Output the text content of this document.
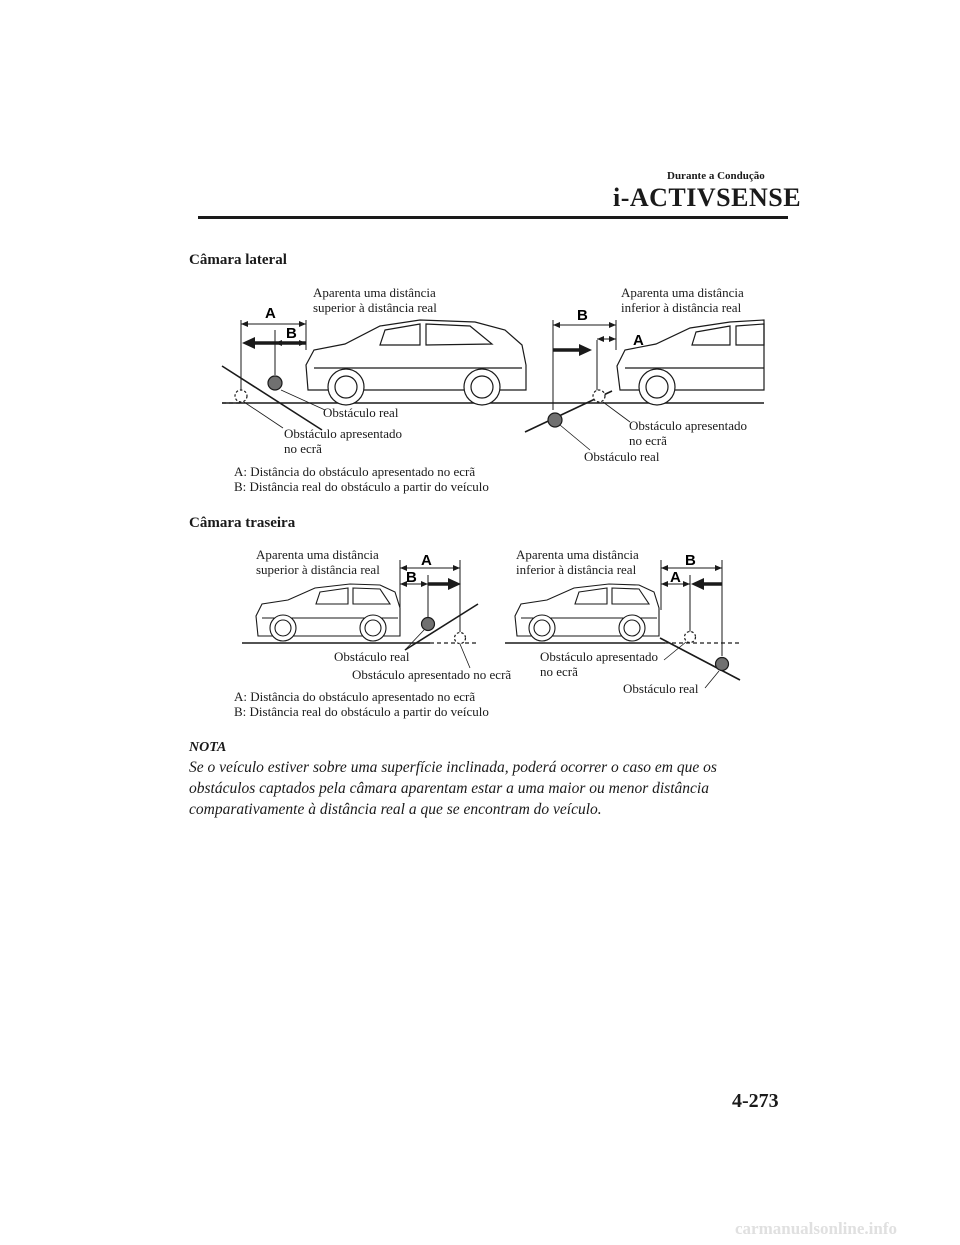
Durante a Condução
i-ACTIVSENSE
Câmara lateral
Aparenta uma distância
superior à distância real
A
B
B
A
Obstáculo real
Obstáculo apresentado
no ecrã
Aparenta uma distância
inferior à distância real
Obstáculo apresentado
no ecrã
Obstáculo real
A: Distância do obstáculo apresentado no ecrã
B: Distância real do obstáculo a partir do veículo
Câmara traseira
Aparenta uma distância
superior à distância real
Aparenta uma distância
inferior à distância real
A
B
B
A
Obstáculo real
Obstáculo apresentado no ecrã
Obstáculo apresentado
no ecrã
Obstáculo real
A: Distância do obstáculo apresentado no ecrã
B: Distância real do obstáculo a partir do veículo
NOTA
Se o veículo estiver sobre uma superfície inclinada, poderá ocorrer o caso em que os
obstáculos captados pela câmara aparentam estar a uma maior ou menor distância
comparativamente à distância real a que se encontram do veículo.
4-273
carmanualsonline.info
